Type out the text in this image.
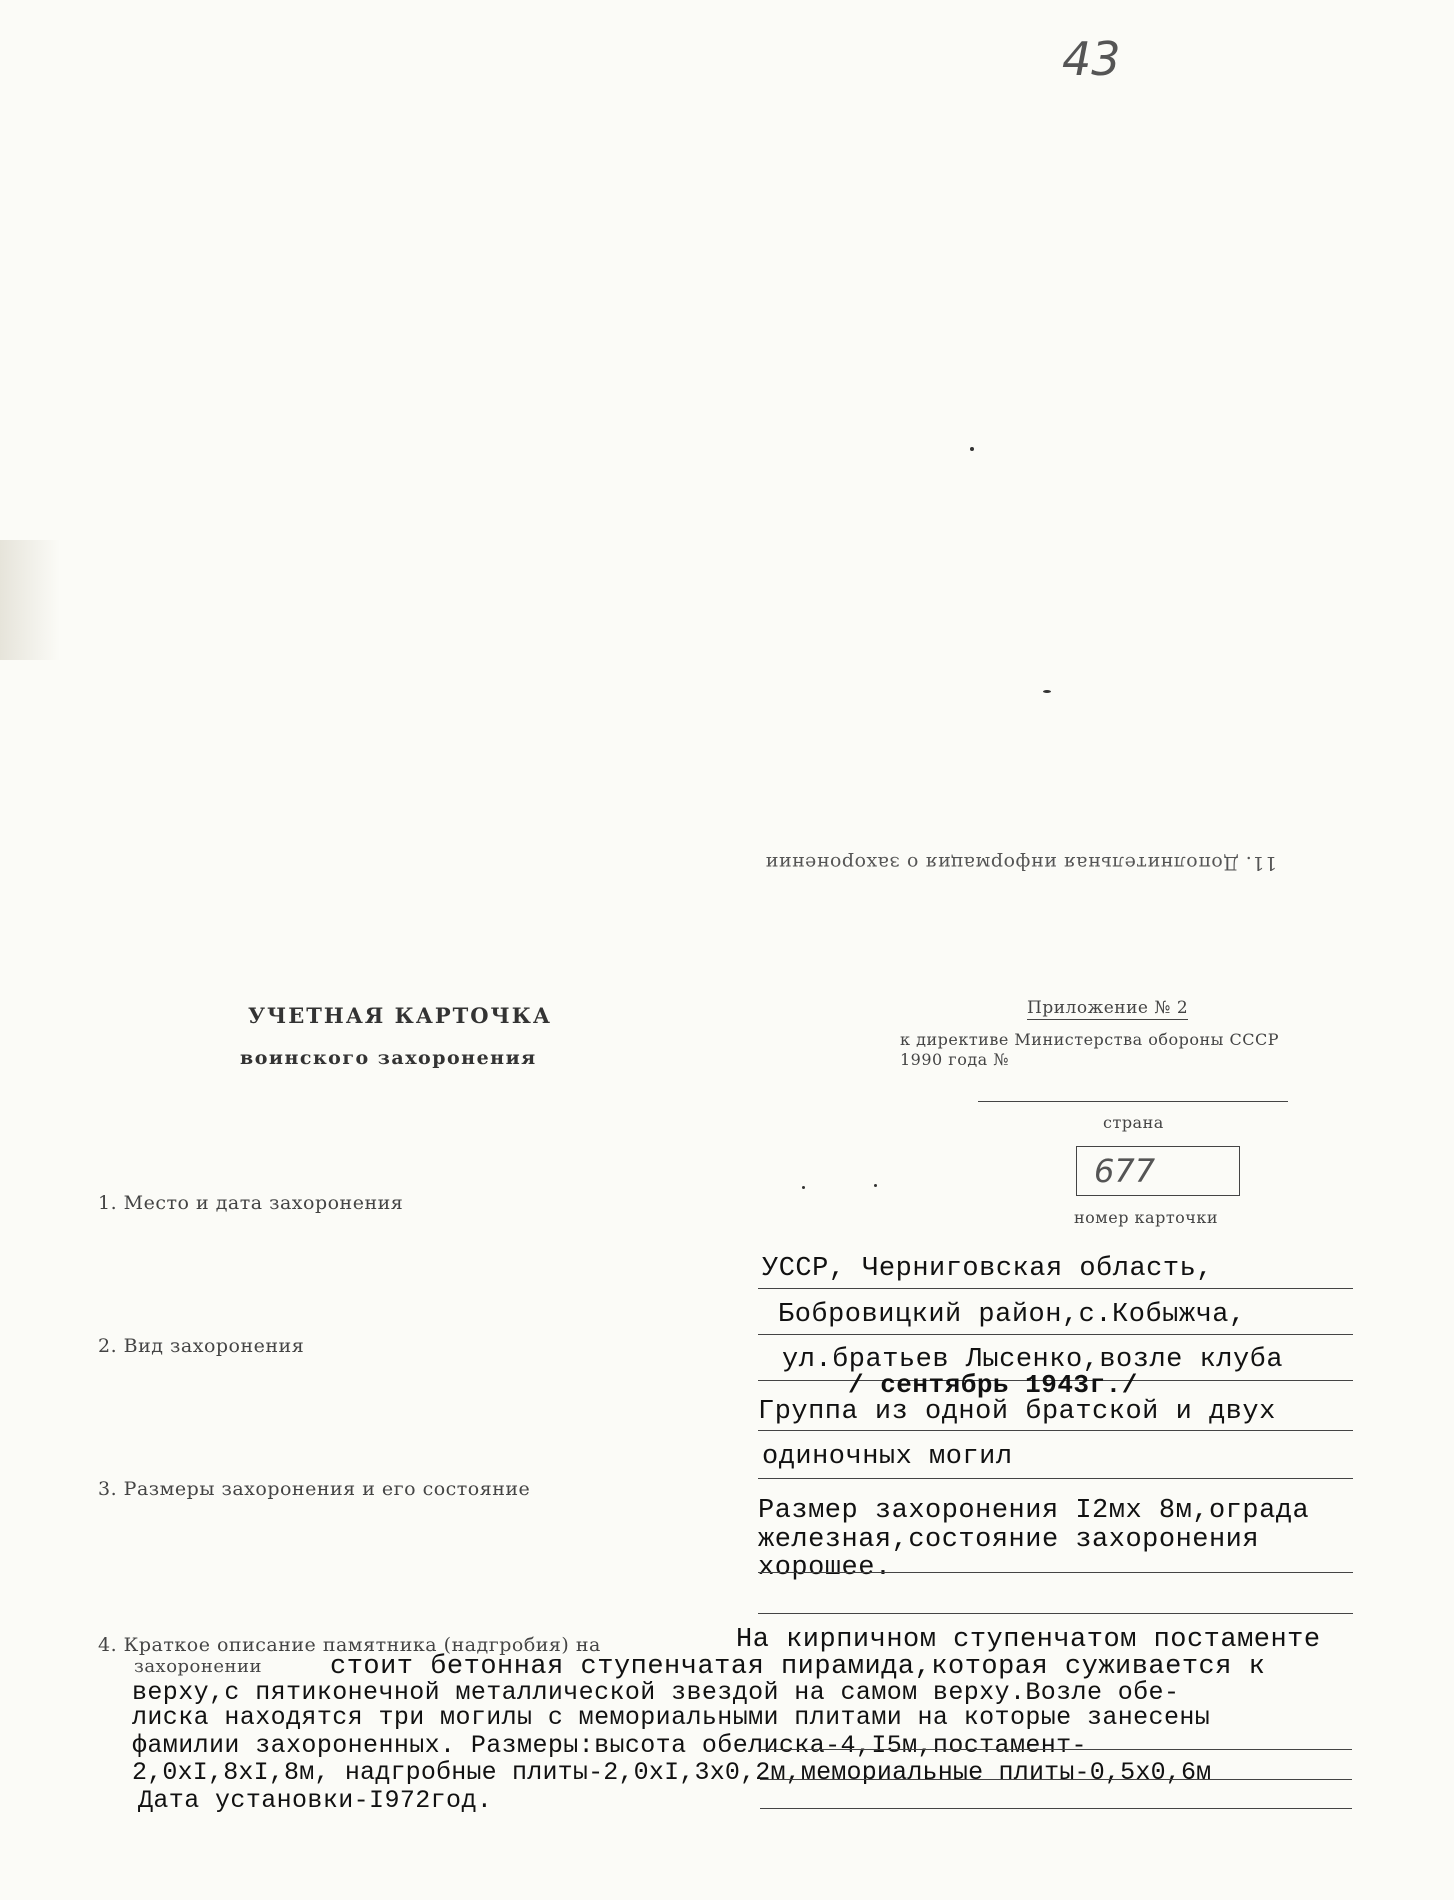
43
11. Дополнительная информация о захоронении
УЧЕТНАЯ КАРТОЧКА
воинского захоронения
Приложение № 2
к директиве Министерства обороны СССР
1990 года №
страна
677
номер карточки
1. Место и дата захоронения
УССР, Черниговская область,
Бобровицкий район,с.Кобыжча,
ул.братьев Лысенко,возле клуба
/ сентябрь 1943г./
2. Вид захоронения
Группа из одной братской и двух
одиночных могил
3. Размеры захоронения и его состояние
Размер захоронения I2мх 8м,ограда
железная,состояние захоронения
хорошее.
4. Краткое описание памятника (надгробия) на
захоронении
На кирпичном ступенчатом постаменте
стоит бетонная ступенчатая пирамида,которая суживается к
верху,с пятиконечной металлической звездой на самом верху.Возле обе-
лиска находятся три могилы с мемориальными плитами на которые занесены
фамилии захороненных. Размеры:высота обелиска-4,I5м,постамент-
2,0хI,8хI,8м, надгробные плиты-2,0хI,3х0,2м,мемориальные плиты-0,5х0,6м
Дата установки-I972год.
